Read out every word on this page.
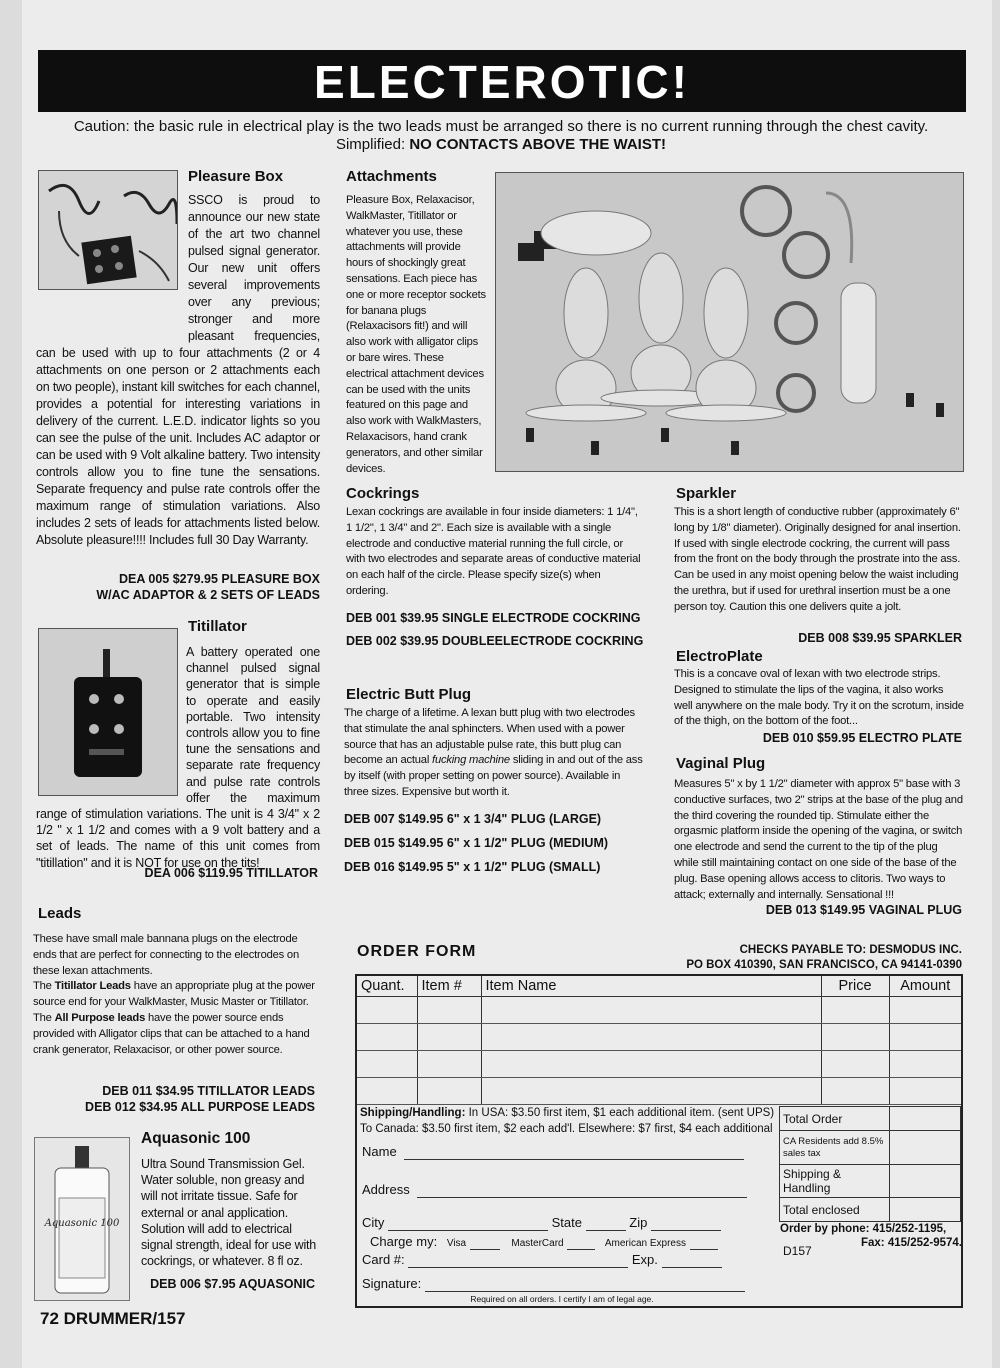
ELECTEROTIC!
Caution: the basic rule in electrical play is the two leads must be arranged so there is no current running through the chest cavity.
Simplified: NO CONTACTS ABOVE THE WAIST!
Pleasure Box
SSCO is proud to announce our new state of the art two channel pulsed signal generator. Our new unit offers several improvements over any previous; stronger and more pleasant frequencies, can be used with up to four attachments (2 or 4 attachments on one person or 2 attachments each on two people), instant kill switches for each channel, provides a potential for interesting variations in delivery of the current. L.E.D. indicator lights so you can see the pulse of the unit. Includes AC adaptor or can be used with 9 Volt alkaline battery. Two intensity controls allow you to fine tune the sensations. Separate frequency and pulse rate controls offer the maximum range of stimulation variations. Also includes 2 sets of leads for attachments listed below. Absolute pleasure!!!! Includes full 30 Day Warranty.
DEA 005 $279.95 PLEASURE BOX
W/AC ADAPTOR & 2 SETS OF LEADS
Titillator
A battery operated one channel pulsed signal generator that is simple to operate and easily portable. Two intensity controls allow you to fine tune the sensations and separate rate frequency and pulse rate controls offer the maximum range of stimulation variations. The unit is 4 3/4" x 2 1/2 " x 1 1/2 and comes with a 9 volt battery and a set of leads. The name of this unit comes from "titillation" and it is NOT for use on the tits!
DEA 006 $119.95 TITILLATOR
Leads
These have small male bannana plugs on the electrode ends that are perfect for connecting to the electrodes on these lexan attachments.
The Titillator Leads have an appropriate plug at the power source end for your WalkMaster, Music Master or Titillator.
The All Purpose leads have the power source ends provided with Alligator clips that can be attached to a hand crank generator, Relaxacisor, or other power source.
DEB 011 $34.95 TITILLATOR LEADS
DEB 012 $34.95 ALL PURPOSE LEADS
Aquasonic 100
Aquasonic 100
Ultra Sound Transmission Gel. Water soluble, non greasy and will not irritate tissue. Safe for external or anal application. Solution will add to electrical signal strength, ideal for use with cockrings, or whatever. 8 fl oz.
DEB 006 $7.95 AQUASONIC
Attachments
Pleasure Box, Relaxacisor, WalkMaster, Titillator or whatever you use, these attachments will provide hours of shockingly great sensations. Each piece has one or more receptor sockets for banana plugs (Relaxacisors fit!) and will also work with alligator clips or bare wires. These electrical attachment devices can be used with the units featured on this page and also work with WalkMasters, Relaxacisors, hand crank generators, and other similar devices.
Cockrings
Lexan cockrings are available in four inside diameters: 1 1/4", 1 1/2", 1 3/4" and 2". Each size is available with a single electrode and conductive material running the full circle, or with two electrodes and separate areas of conductive material on each half of the circle. Please specify size(s) when ordering.
DEB 001 $39.95 SINGLE ELECTRODE COCKRING
DEB 002 $39.95 DOUBLEELECTRODE COCKRING
Electric Butt Plug
The charge of a lifetime. A lexan butt plug with two electrodes that stimulate the anal sphincters. When used with a power source that has an adjustable pulse rate, this butt plug can become an actual fucking machine sliding in and out of the ass by itself (with proper setting on power source). Available in three sizes. Expensive but worth it.
DEB 007 $149.95 6" x 1 3/4" PLUG (LARGE)
DEB 015 $149.95 6" x 1 1/2" PLUG (MEDIUM)
DEB 016 $149.95 5" x 1 1/2" PLUG (SMALL)
Sparkler
This is a short length of conductive rubber (approximately 6" long by 1/8" diameter). Originally designed for anal insertion. If used with single electrode cockring, the current will pass from the front on the body through the prostrate into the ass. Can be used in any moist opening below the waist including the urethra, but if used for urethral insertion must be a one person toy. Caution this one delivers quite a jolt.
DEB 008 $39.95 SPARKLER
ElectroPlate
This is a concave oval of lexan with two electrode strips. Designed to stimulate the lips of the vagina, it also works well anywhere on the male body. Try it on the scrotum, inside of the thigh, on the bottom of the foot...
DEB 010 $59.95 ELECTRO PLATE
Vaginal Plug
Measures 5" x by 1 1/2" diameter with approx 5" base with 3 conductive surfaces, two 2" strips at the base of the plug and the third covering the rounded tip. Stimulate either the orgasmic platform inside the opening of the vagina, or switch one electrode and send the current to the tip of the plug while still maintaining contact on one side of the base of the plug. Base opening allows access to clitoris. Two ways to attack; externally and internally. Sensational !!!
DEB 013 $149.95 VAGINAL PLUG
ORDER FORM	CHECKS PAYABLE TO: DESMODUS INC.
PO BOX 410390, SAN FRANCISCO, CA 94141-0390
Quant.	Item #	Item Name	Price	Amount

Shipping/Handling: In USA: $3.50 first item, $1 each additional item. (sent UPS)
To Canada: $3.50 first item, $2 each add'l. Elsewhere: $7 first, $4 each additional
Total Order	
CA Residents add 8.5% sales tax	
Shipping & Handling	
Total enclosed	
Name
Address
City	State	Zip
Charge my: Visa	MasterCard	American Express
Card #:	Exp.
Signature:
Required on all orders. I certify I am of legal age.
Order by phone: 415/252-1195,
Fax: 415/252-9574.
D157
72 DRUMMER/157
